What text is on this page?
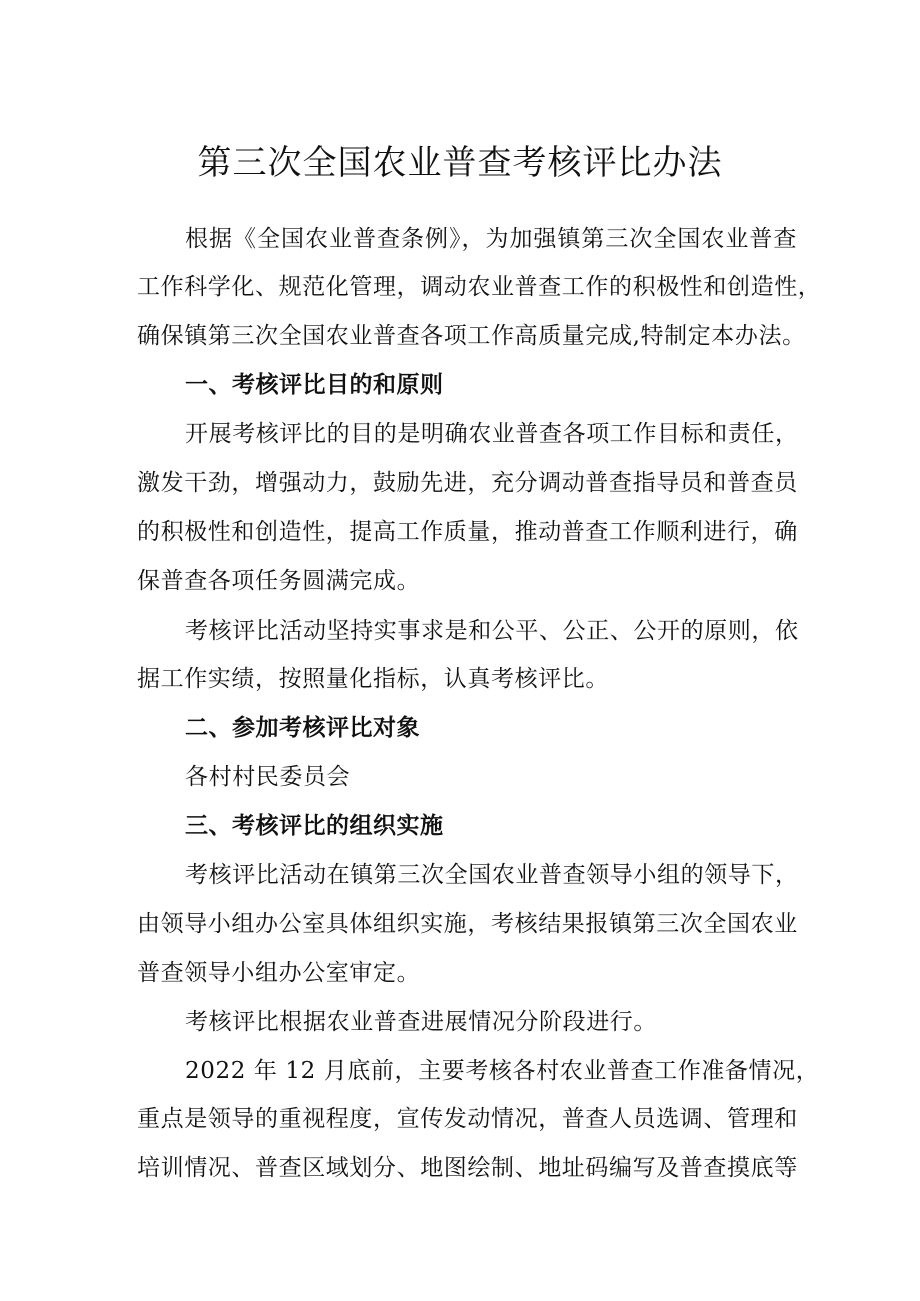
第三次全国农业普查考核评比办法
根据《全国农业普查条例》，为加强镇第三次全国农业普查
工作科学化、规范化管理，调动农业普查工作的积极性和创造性，
确保镇第三次全国农业普查各项工作高质量完成,特制定本办法。
一、考核评比目的和原则
开展考核评比的目的是明确农业普查各项工作目标和责任，
激发干劲，增强动力，鼓励先进，充分调动普查指导员和普查员
的积极性和创造性，提高工作质量，推动普查工作顺利进行，确
保普查各项任务圆满完成。
考核评比活动坚持实事求是和公平、公正、公开的原则，依
据工作实绩，按照量化指标，认真考核评比。
二、参加考核评比对象
各村村民委员会
三、考核评比的组织实施
考核评比活动在镇第三次全国农业普查领导小组的领导下，
由领导小组办公室具体组织实施，考核结果报镇第三次全国农业
普查领导小组办公室审定。
考核评比根据农业普查进展情况分阶段进行。
2022 年 12 月底前，主要考核各村农业普查工作准备情况，
重点是领导的重视程度，宣传发动情况，普查人员选调、管理和
培训情况、普查区域划分、地图绘制、地址码编写及普查摸底等
